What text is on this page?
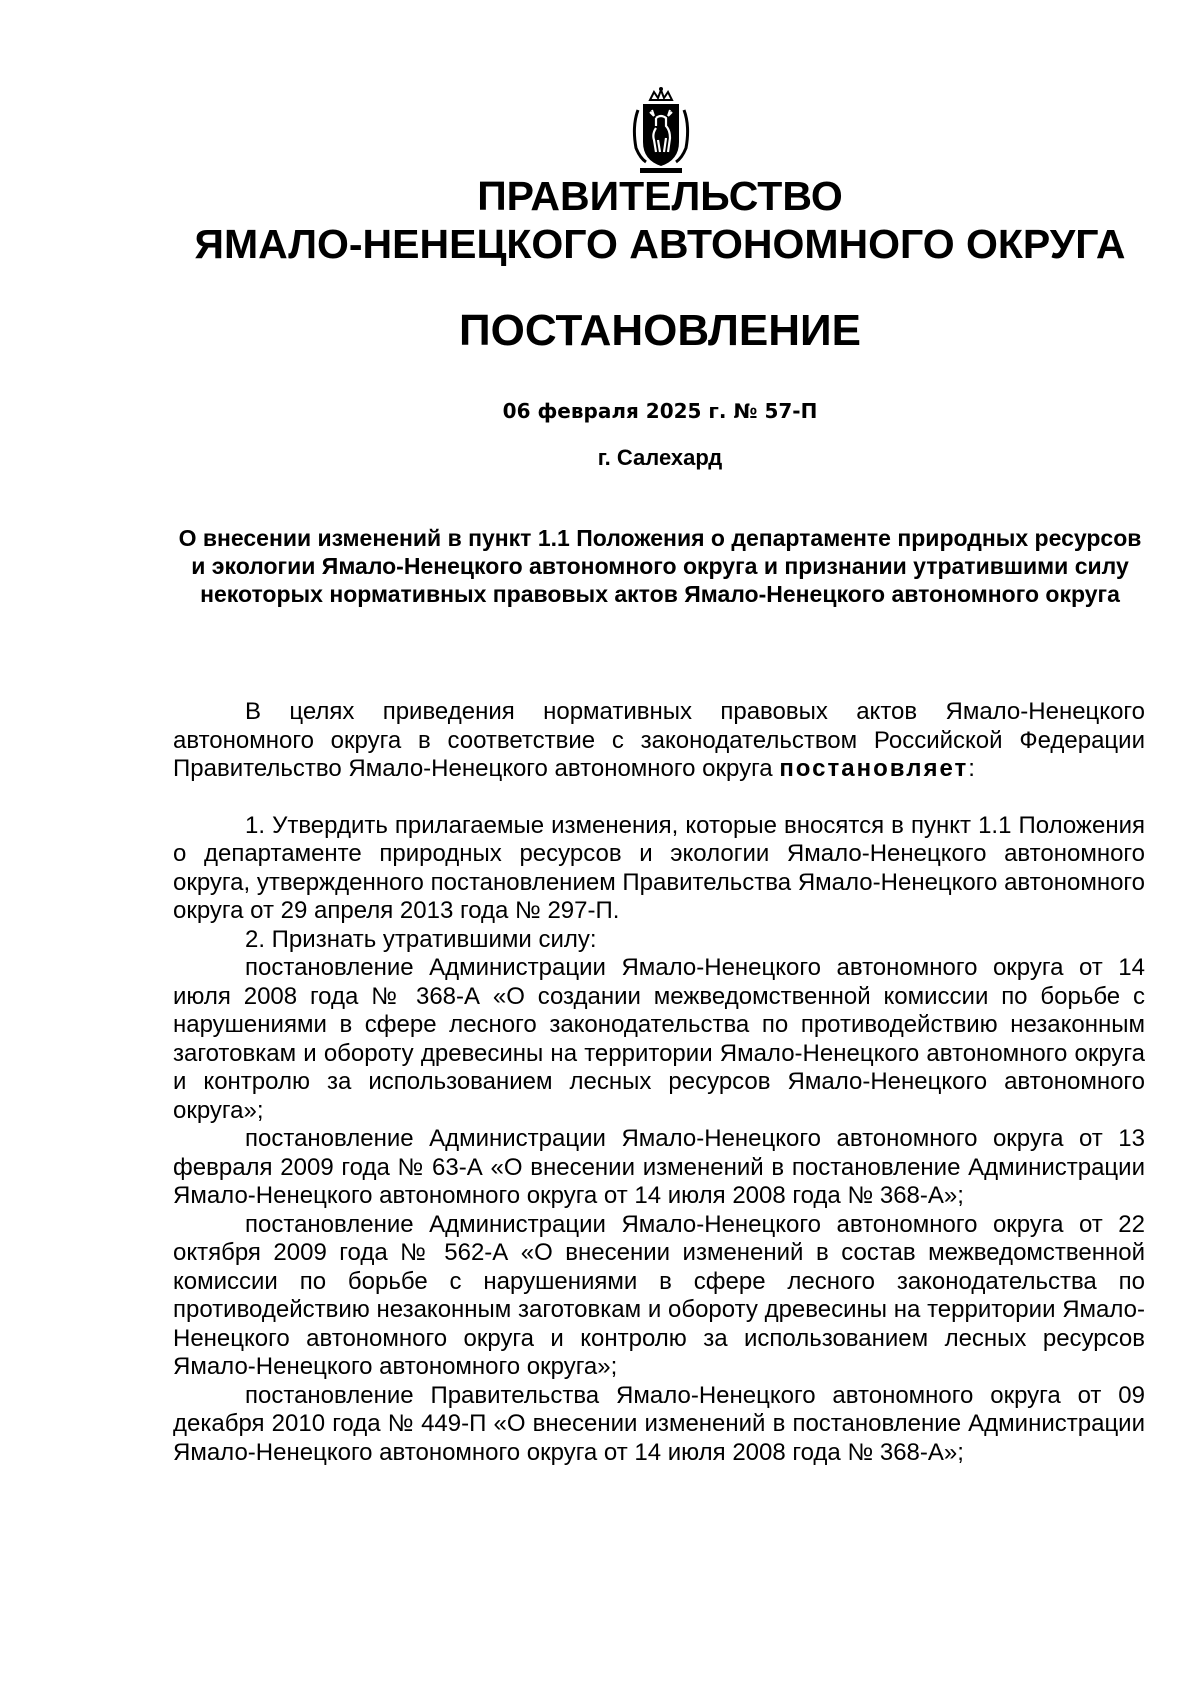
ПРАВИТЕЛЬСТВО
ЯМАЛО-НЕНЕЦКОГО АВТОНОМНОГО ОКРУГА
ПОСТАНОВЛЕНИЕ
06 февраля 2025 г. № 57-П
г. Салехард
О внесении изменений в пункт 1.1 Положения о департаменте природных ресурсов и экологии Ямало-Ненецкого автономного округа и признании утратившими силу некоторых нормативных правовых актов Ямало-Ненецкого автономного округа

В целях приведения нормативных правовых актов Ямало-Ненецкого автономного округа в соответствие с законодательством Российской Федерации Правительство Ямало-Ненецкого автономного округа постановляет:

1. Утвердить прилагаемые изменения, которые вносятся в пункт 1.1 Положения о департаменте природных ресурсов и экологии Ямало-Ненецкого автономного округа, утвержденного постановлением Правительства Ямало-Ненецкого автономного округа от 29 апреля 2013 года № 297-П.

2. Признать утратившими силу:

постановление Администрации Ямало-Ненецкого автономного округа от 14 июля 2008 года № 368-А «О создании межведомственной комиссии по борьбе с нарушениями в сфере лесного законодательства по противодействию незаконным заготовкам и обороту древесины на территории Ямало-Ненецкого автономного округа и контролю за использованием лесных ресурсов Ямало-Ненецкого автономного округа»;

постановление Администрации Ямало-Ненецкого автономного округа от 13 февраля 2009 года № 63-А «О внесении изменений в постановление Администрации Ямало-Ненецкого автономного округа от 14 июля 2008 года № 368-А»;

постановление Администрации Ямало-Ненецкого автономного округа от 22 октября 2009 года № 562-А «О внесении изменений в состав межведомственной комиссии по борьбе с нарушениями в сфере лесного законодательства по противодействию незаконным заготовкам и обороту древесины на территории Ямало-Ненецкого автономного округа и контролю за использованием лесных ресурсов Ямало-Ненецкого автономного округа»;

постановление Правительства Ямало-Ненецкого автономного округа от 09 декабря 2010 года № 449-П «О внесении изменений в постановление Администрации Ямало-Ненецкого автономного округа от 14 июля 2008 года № 368-А»;
